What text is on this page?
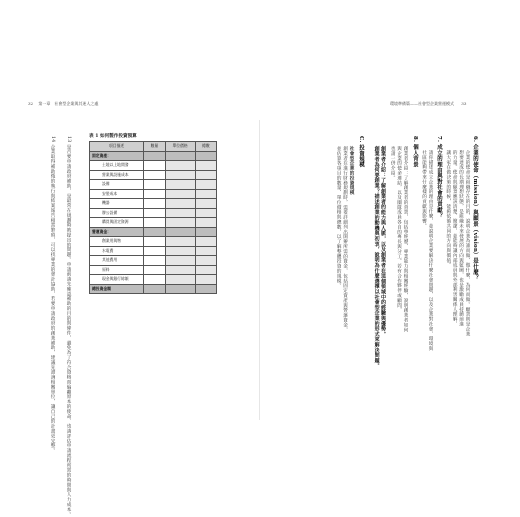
32 第一章　社會型企業與其迷人之處
13 是否要申請政府補助，是最常在規劃時被提出的問題。申請前請先確認補助的目的與條件，避免為了符合資格而偏離原本的使命，也請評估申請流程所需的時間與人力成本。
14 企業取得補助後的執行與結案報告相當繁瑣，可以找專業的會計協助，若要申請政府的創業補助，建議先諮詢相關單位，讓自己的計畫更完整。	表 1 如何製作投資預算
項目描述	數量	單位價格	總數
固定資產：			
土地以上地開發			
營業與設施成本			
設備			
安裝成本			
機器			
辦公設備			
購買與固定資源			
營運資金：			
創業用與物			
水電費			
其他費用			
原料			
現金與銀行餘額			
總投資金額			
環境準備篇——社會型企業營運模式 33
6. 企業的使命（mission）與願景（vision）是什麼？
企業的使命是組織存在的目的，說明企業為誰而做、做什麼、為何而做。願景則是企業
想要達成的長期理想狀態，是組織未來發展的方向與藍圖，也是激勵成員持續前進
的力量。使命與願景應該清楚、簡潔，並能夠讓內部成員與外部利害關係人理解，
讓大家在做決策的時候，能夠依循共同的方向與價值。
7. 成立的理由與對社會的貢獻？
請你描述成立企業的理由是什麼，並說明企業要解決什麼社會問題，以及企業對社會、環境與
社區能夠帶來什麼樣的貢獻與影響。
8. 個人背景
創業者介紹：了解創業者的背景，包括學經歷、專業能力與相關經驗，說明創業者如何
與企業的使命連結，以及團隊成員各自的專長與分工。若有合作夥伴或顧問，
也請一併介紹。
創業者介紹：了解創業者的能力與人脈，以及創業者在這個領域中的經驗與優勢。
創業者為何要創業？描述創業的動機與初衷，說明為什麼選擇以社會型企業的形式來解決問題。
C. 投資規模
社會型企業的投資規模
創業者在進行財務規劃時，需要詳細列出開辦所需的資金，包括固定資產與營運資金，
並估算各項目的數量、單位價格與總數，以了解整體投資的規模。
